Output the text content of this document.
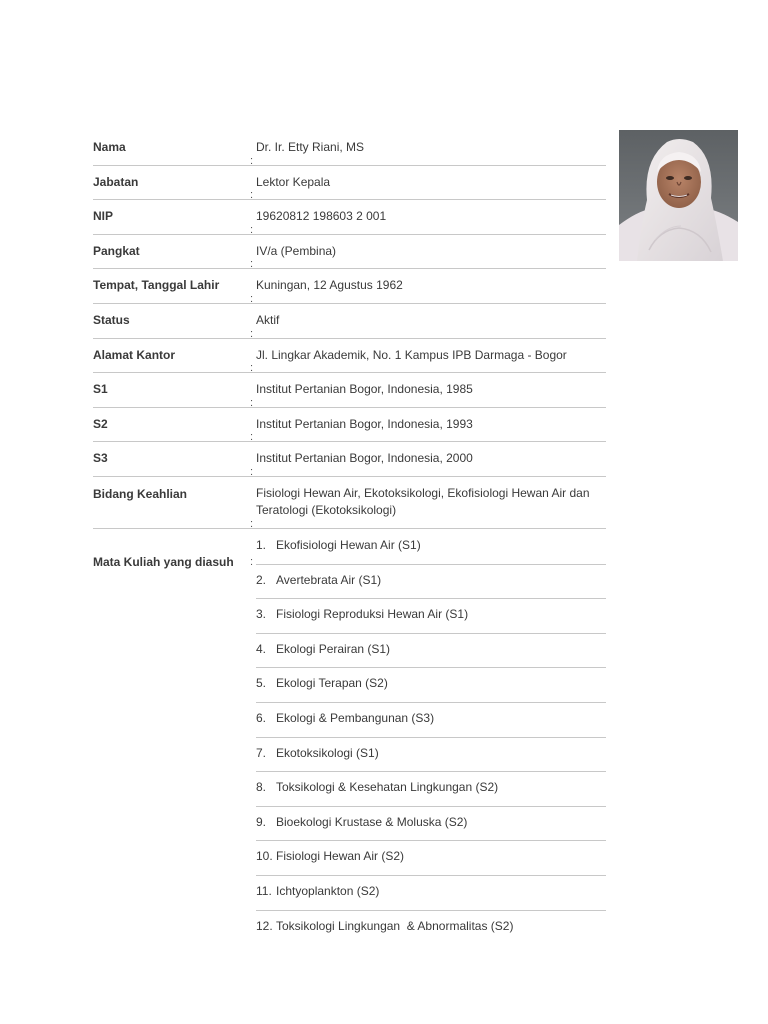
Nama	Dr. Ir. Etty Riani, MS
:
Jabatan	Lektor Kepala
:
NIP	19620812 198603 2 001
:
Pangkat	IV/a (Pembina)
:
Tempat, Tanggal Lahir	Kuningan, 12 Agustus 1962
:
Status	Aktif
:
Alamat Kantor	Jl. Lingkar Akademik, No. 1 Kampus IPB Darmaga - Bogor
:
S1	Institut Pertanian Bogor, Indonesia, 1985
:
S2	Institut Pertanian Bogor, Indonesia, 1993
:
S3	Institut Pertanian Bogor, Indonesia, 2000
:
Bidang Keahlian	Fisiologi Hewan Air, Ekotoksikologi, Ekofisiologi Hewan Air dan Teratologi (Ekotoksikologi)
:
Mata Kuliah yang diasuh :
1. Ekofisiologi Hewan Air (S1)
2. Avertebrata Air (S1)
3. Fisiologi Reproduksi Hewan Air (S1)
4. Ekologi Perairan (S1)
5. Ekologi Terapan (S2)
6. Ekologi & Pembangunan (S3)
7. Ekotoksikologi (S1)
8. Toksikologi & Kesehatan Lingkungan (S2)
9. Bioekologi Krustase & Moluska (S2)
10. Fisiologi Hewan Air (S2)
11. Ichtyoplankton (S2)
12. Toksikologi Lingkungan  & Abnormalitas (S2)
